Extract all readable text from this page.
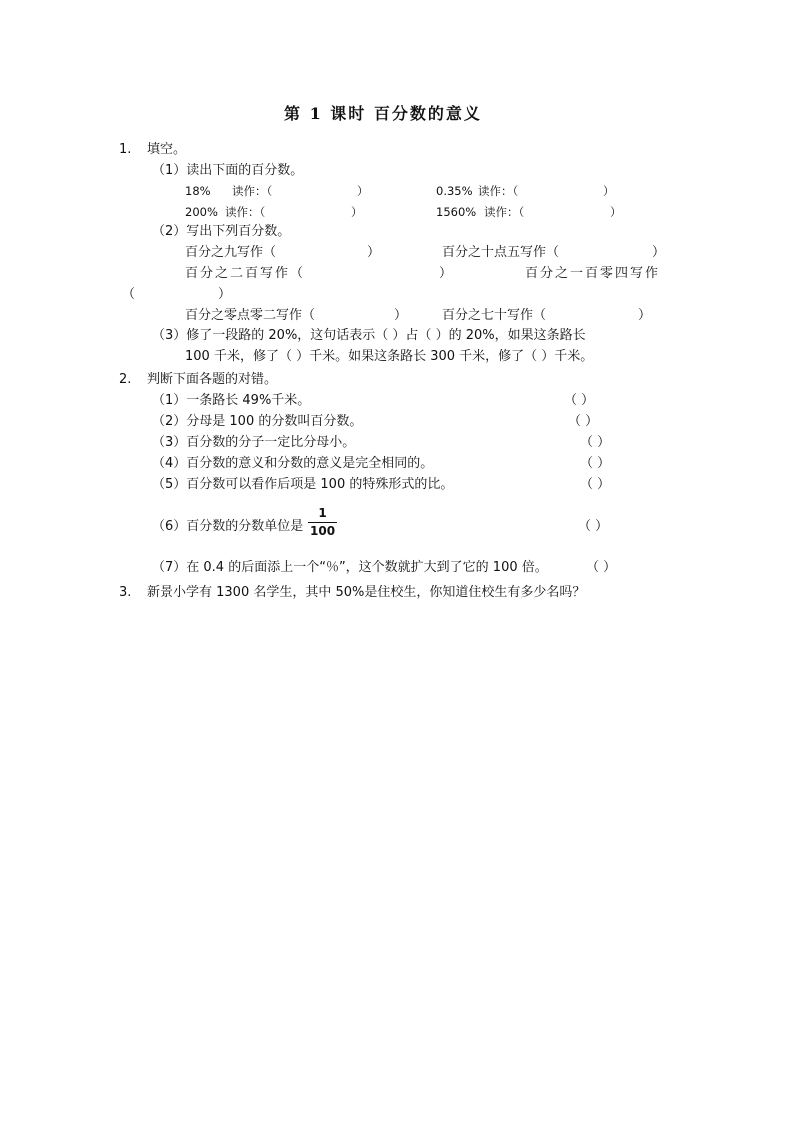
第 1 课时 百分数的意义
1. 填空。
（1）读出下面的百分数。
18% 读作：（	）	0.35% 读作：（	）
200% 读作：（	）	1560% 读作：（	）
（2）写出下列百分数。
百分之九写作（	）	百分之十点五写作（	）
百分之二百写作（	）	百分之一百零四写作
（	）
百分之零点零二写作（	）	百分之七十写作（	）
（3）修了一段路的 20%，这句话表示（ ）占（ ）的 20%，如果这条路长
100 千米，修了（ ）千米。如果这条路长 300 千米，修了（ ）千米。
2. 判断下面各题的对错。
（1）一条路长 49%千米。	（ ）
（2）分母是 100 的分数叫百分数。	（ ）
（3）百分数的分子一定比分母小。	（ ）
（4）百分数的意义和分数的意义是完全相同的。	（ ）
（5）百分数可以看作后项是 100 的特殊形式的比。	（ ）
（6）百分数的分数单位是
1
100	（ ）
（7）在 0.4 的后面添上一个“％”，这个数就扩大到了它的 100 倍。	（ ）
3. 新景小学有 1300 名学生，其中 50%是住校生，你知道住校生有多少名吗？
